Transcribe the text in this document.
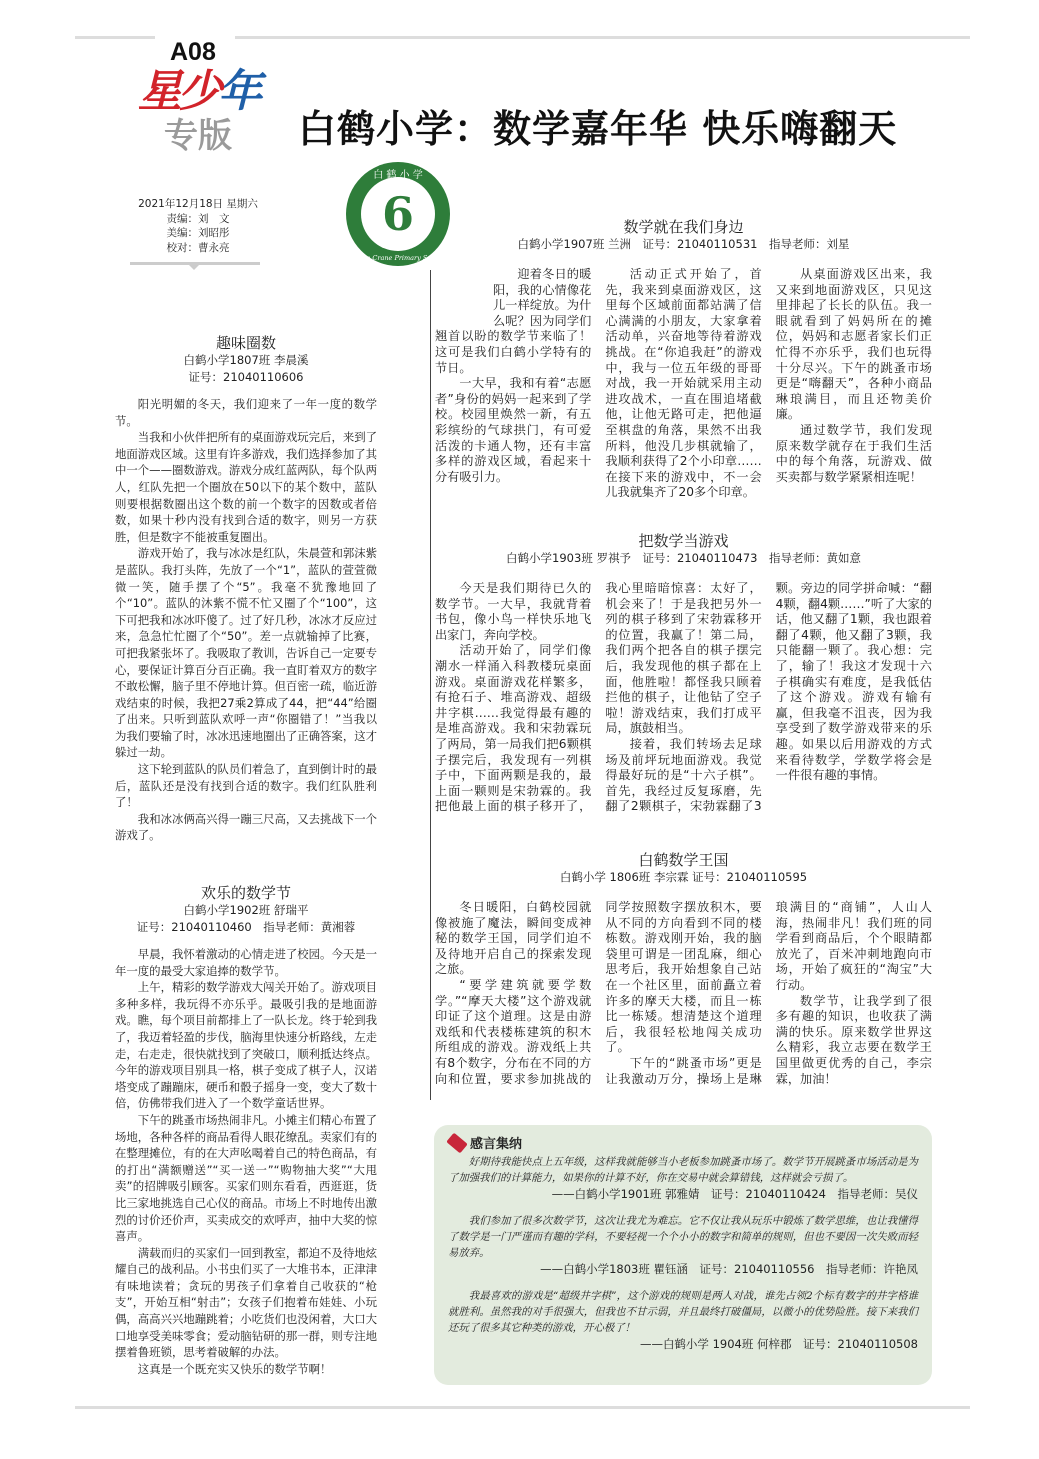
A08
星少年
专版
2021年12月18日 星期六
责编：刘　文
美编：刘昭彤
校对：曹永亮
白鹤小学：数学嘉年华 快乐嗨翻天
白 鹤 小 学
6
White Crane Primary School
趣味圈数
白鹤小学1807班 李晨溪
证号：21040110606

阳光明媚的冬天，我们迎来了一年一度的数学节。

当我和小伙伴把所有的桌面游戏玩完后，来到了地面游戏区域。这里有许多游戏，我们选择参加了其中一个——圈数游戏。游戏分成红蓝两队，每个队两人，红队先把一个圈放在50以下的某个数中，蓝队则要根据数圈出这个数的前一个数字的因数或者倍数，如果十秒内没有找到合适的数字，则另一方获胜，但是数字不能被重复圈出。

游戏开始了，我与冰冰是红队，朱晨萱和郭沫紫是蓝队。我打头阵，先放了一个“1”，蓝队的萱萱微微一笑，随手摆了个“5”。我毫不犹豫地回了个“10”。蓝队的沐紫不慌不忙又圈了个“100”，这下可把我和冰冰吓傻了。过了好几秒，冰冰才反应过来，急急忙忙圈了个“50”。差一点就输掉了比赛，可把我紧张坏了。我吸取了教训，告诉自己一定要专心，要保证计算百分百正确。我一直盯着双方的数字不敢松懈，脑子里不停地计算。但百密一疏，临近游戏结束的时候，我把27乘2算成了44，把“44”给圈了出来。只听到蓝队欢呼一声“你圈错了！”当我以为我们要输了时，冰冰迅速地圈出了正确答案，这才躲过一劫。

这下轮到蓝队的队员们着急了，直到倒计时的最后，蓝队还是没有找到合适的数字。我们红队胜利了！

我和冰冰俩高兴得一蹦三尺高，又去挑战下一个游戏了。

欢乐的数学节
白鹤小学1902班 舒瑞平
证号：21040110460　指导老师：黄湘蓉

早晨，我怀着激动的心情走进了校园。今天是一年一度的最受大家追捧的数学节。

上午，精彩的数学游戏大闯关开始了。游戏项目多种多样，我玩得不亦乐乎。最吸引我的是地面游戏。瞧，每个项目前都排上了一队长龙。终于轮到我了，我迈着轻盈的步伐，脑海里快速分析路线，左走走，右走走，很快就找到了突破口，顺利抵达终点。今年的游戏项目别具一格，棋子变成了棋子人，汉诺塔变成了蹦蹦床，硬币和骰子摇身一变，变大了数十倍，仿佛带我们进入了一个数学童话世界。

下午的跳蚤市场热闹非凡。小摊主们精心布置了场地，各种各样的商品看得人眼花缭乱。卖家们有的在整理摊位，有的在大声吆喝着自己的特色商品，有的打出“满额赠送”“买一送一”“购物抽大奖”“大甩卖”的招牌吸引顾客。买家们则东看看，西逛逛，货比三家地挑选自己心仪的商品。市场上不时地传出激烈的讨价还价声，买卖成交的欢呼声，抽中大奖的惊喜声。

满载而归的买家们一回到教室，都迫不及待地炫耀自己的战利品。小书虫们买了一大堆书本，正津津有味地读着；贪玩的男孩子们拿着自己收获的“枪支”，开始互相“射击”；女孩子们抱着布娃娃、小玩偶，高高兴兴地蹦跳着；小吃货们也没闲着，大口大口地享受美味零食；爱动脑钻研的那一群，则专注地摆着鲁班锁，思考着破解的办法。

这真是一个既充实又快乐的数学节啊！

数学就在我们身边
白鹤小学1907班 兰洲　证号：21040110531　指导老师：刘星

迎着冬日的暖阳，我的心情像花儿一样绽放。为什么呢？因为同学们翘首以盼的数学节来临了！这可是我们白鹤小学特有的节日。

一大早，我和有着“志愿者”身份的妈妈一起来到了学校。校园里焕然一新，有五彩缤纷的气球拱门，有可爱活泼的卡通人物，还有丰富多样的游戏区域，看起来十分有吸引力。

活动正式开始了，首先，我来到桌面游戏区，这里每个区域前面都站满了信心满满的小朋友，大家拿着活动单，兴奋地等待着游戏挑战。在“你追我赶”的游戏中，我与一位五年级的哥哥对战，我一开始就采用主动进攻战术，一直在围追堵截他，让他无路可走，把他逼至棋盘的角落，果然不出我所料，他没几步棋就输了，我顺利获得了2个小印章……在接下来的游戏中，不一会儿我就集齐了20多个印章。

从桌面游戏区出来，我又来到地面游戏区，只见这里排起了长长的队伍。我一眼就看到了妈妈所在的摊位，妈妈和志愿者家长们正忙得不亦乐乎，我们也玩得十分尽兴。下午的跳蚤市场更是“嗨翻天”，各种小商品琳琅满目，而且还物美价廉。

通过数学节，我们发现原来数学就存在于我们生活中的每个角落，玩游戏、做买卖都与数学紧紧相连呢！

把数学当游戏
白鹤小学1903班 罗祺予　证号：21040110473　指导老师：黄如意

今天是我们期待已久的数学节。一大早，我就背着书包，像小鸟一样快乐地飞出家门，奔向学校。

活动开始了，同学们像潮水一样涌入科教楼玩桌面游戏。桌面游戏花样繁多，有抢石子、堆高游戏、超级井字棋……我觉得最有趣的是堆高游戏。我和宋勃霖玩了两局，第一局我们把6颗棋子摆完后，我发现有一列棋子中，下面两颗是我的，最上面一颗则是宋勃霖的。我把他最上面的棋子移开了，我心里暗暗惊喜：太好了，机会来了！于是我把另外一列的棋子移到了宋勃霖移开的位置，我赢了！第二局，我们两个把各自的棋子摆完后，我发现他的棋子都在上面，他胜啦！都怪我只顾着拦他的棋子，让他钻了空子啦！游戏结束，我们打成平局，旗鼓相当。

接着，我们转场去足球场及前坪玩地面游戏。我觉得最好玩的是“十六子棋”。首先，我经过反复琢磨，先翻了2颗棋子，宋勃霖翻了3颗。旁边的同学拼命喊：“翻4颗，翻4颗……”听了大家的话，他又翻了1颗，我也跟着翻了4颗，他又翻了3颗，我只能翻一颗了。我心想：完了，输了！我这才发现十六子棋确实有难度，是我低估了这个游戏。游戏有输有赢，但我毫不沮丧，因为我享受到了数学游戏带来的乐趣。如果以后用游戏的方式来看待数学，学数学将会是一件很有趣的事情。

白鹤数学王国
白鹤小学 1806班 李宗霖 证号：21040110595

冬日暖阳，白鹤校园就像被施了魔法，瞬间变成神秘的数学王国，同学们迫不及待地开启自己的探索发现之旅。

“要学建筑就要学数学。”“摩天大楼”这个游戏就印证了这个道理。这是由游戏纸和代表楼栋建筑的积木所组成的游戏。游戏纸上共有8个数字，分布在不同的方向和位置，要求参加挑战的同学按照数字摆放积木，要从不同的方向看到不同的楼栋数。游戏刚开始，我的脑袋里可谓是一团乱麻，细心思考后，我开始想象自己站在一个社区里，面前矗立着许多的摩天大楼，而且一栋比一栋矮。想清楚这个道理后，我很轻松地闯关成功了。

下午的“跳蚤市场”更是让我激动万分，操场上是琳琅满目的“商铺”，人山人海，热闹非凡！我们班的同学看到商品后，个个眼睛都放光了，百米冲刺地跑向市场，开始了疯狂的“淘宝”大行动。

数学节，让我学到了很多有趣的知识，也收获了满满的快乐。原来数学世界这么精彩，我立志要在数学王国里做更优秀的自己，李宗霖，加油！

感言集纳

好期待我能快点上五年级，这样我就能够当小老板参加跳蚤市场了。数学节开展跳蚤市场活动是为了加强我们的计算能力，如果你的计算不好，你在交易中就会算错钱，这样就会亏损了。

——白鹤小学1901班 郭雅婧　证号：21040110424　指导老师：吴仪

我们参加了很多次数学节，这次让我尤为难忘。它不仅让我从玩乐中锻炼了数学思维，也让我懂得了数学是一门严谨而有趣的学科，不要轻视一个个小小的数字和简单的规则，但也不要因一次失败而轻易放弃。

——白鹤小学1803班 瞿钰涵　证号：21040110556　指导老师：许艳凤

我最喜欢的游戏是“超级井字棋”，这个游戏的规则是两人对战，谁先占领2个标有数字的井字格谁就胜利。虽然我的对手很强大，但我也不甘示弱，并且最终打破僵局，以微小的优势险胜。接下来我们还玩了很多其它种类的游戏，开心极了！

——白鹤小学 1904班 何梓郡　证号：21040110508
